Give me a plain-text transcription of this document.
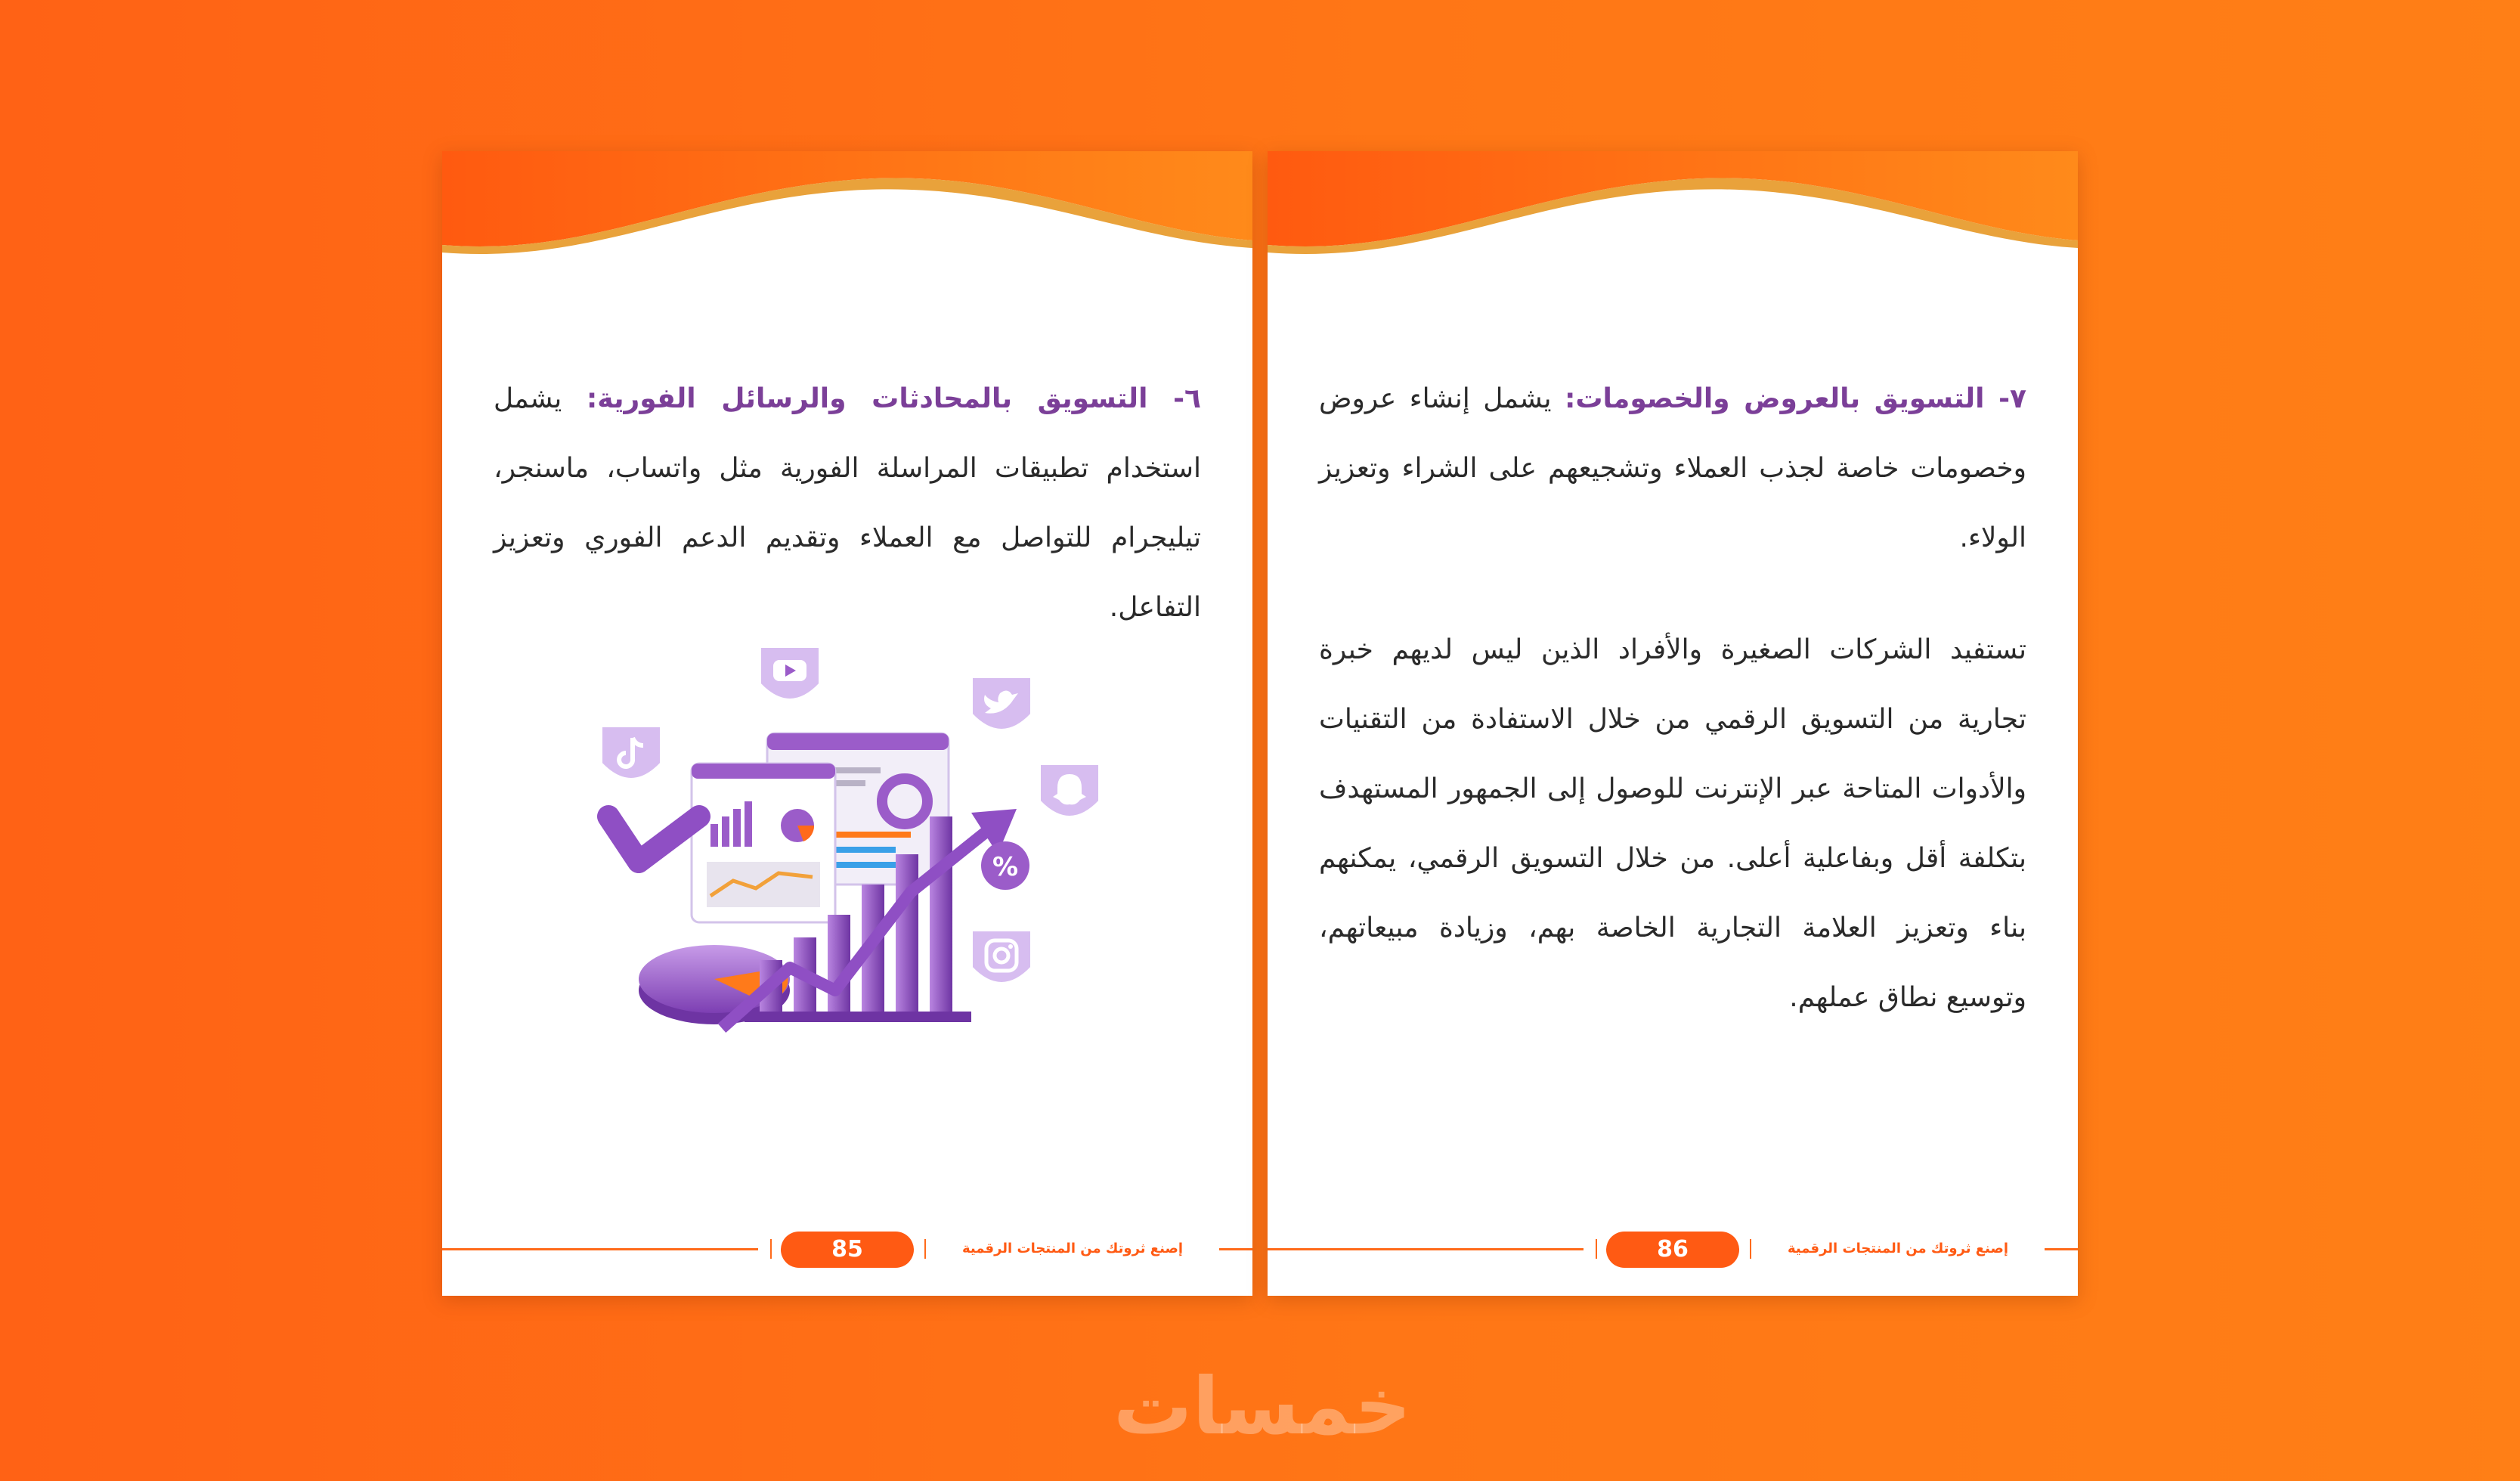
٦- التسويق بالمحادثات والرسائل الفورية: يشمل استخدام تطبيقات المراسلة الفورية مثل واتساب، ماسنجر، تيليجرام للتواصل مع العملاء وتقديم الدعم الفوري وتعزيز التفاعل.

%
85	إصنع ثروتك من المنتجات الرقمية

٧- التسويق بالعروض والخصومات: يشمل إنشاء عروض وخصومات خاصة لجذب العملاء وتشجيعهم على الشراء وتعزيز الولاء.

تستفيد الشركات الصغيرة والأفراد الذين ليس لديهم خبرة تجارية من التسويق الرقمي من خلال الاستفادة من التقنيات والأدوات المتاحة عبر الإنترنت للوصول إلى الجمهور المستهدف بتكلفة أقل وبفاعلية أعلى. من خلال التسويق الرقمي، يمكنهم بناء وتعزيز العلامة التجارية الخاصة بهم، وزيادة مبيعاتهم، وتوسيع نطاق عملهم.

86	إصنع ثروتك من المنتجات الرقمية
خمسات
